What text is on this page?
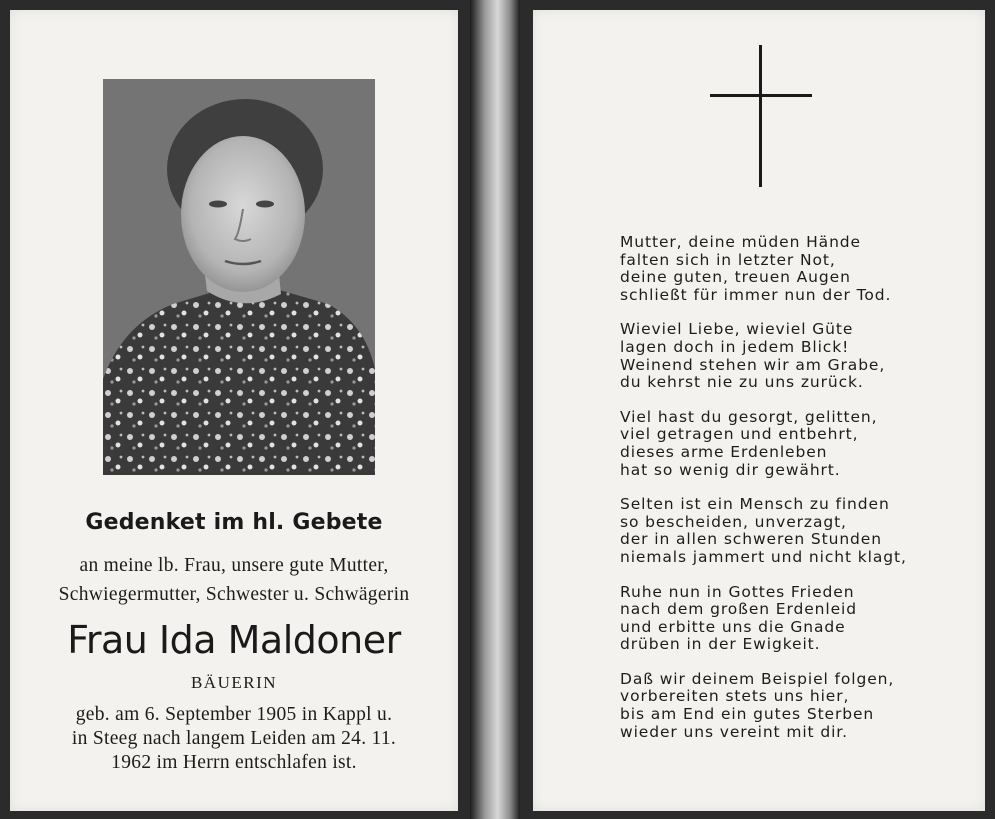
Gedenket im hl. Gebete
an meine lb. Frau, unsere gute Mutter,
Schwiegermutter, Schwester u. Schwägerin
Frau Ida Maldoner
BÄUERIN
geb. am 6. September 1905 in Kappl u.
in Steeg nach langem Leiden am 24. 11.
1962 im Herrn entschlafen ist.
Mutter, deine müden Hände
falten sich in letzter Not,
deine guten, treuen Augen
schließt für immer nun der Tod.
Wieviel Liebe, wieviel Güte
lagen doch in jedem Blick!
Weinend stehen wir am Grabe,
du kehrst nie zu uns zurück.
Viel hast du gesorgt, gelitten,
viel getragen und entbehrt,
dieses arme Erdenleben
hat so wenig dir gewährt.
Selten ist ein Mensch zu finden
so bescheiden, unverzagt,
der in allen schweren Stunden
niemals jammert und nicht klagt,
Ruhe nun in Gottes Frieden
nach dem großen Erdenleid
und erbitte uns die Gnade
drüben in der Ewigkeit.
Daß wir deinem Beispiel folgen,
vorbereiten stets uns hier,
bis am End ein gutes Sterben
wieder uns vereint mit dir.
